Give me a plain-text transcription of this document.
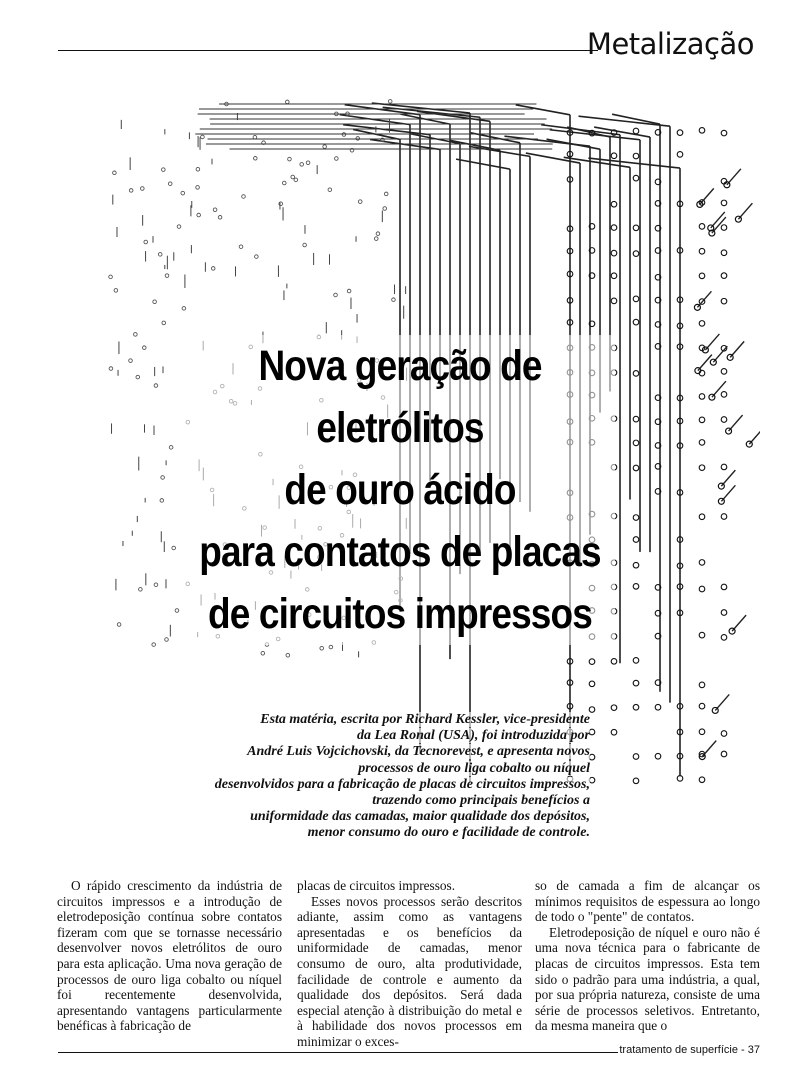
Metalização
Nova geração de eletrólitos
de ouro ácido
para contatos de placas
de circuitos impressos
Esta matéria, escrita por Richard Kessler, vice-presidente
da Lea Ronal (USA), foi introduzida por
André Luis Vojcichovski, da Tecnorevest, e apresenta novos
processos de ouro liga cobalto ou níquel
desenvolvidos para a fabricação de placas de circuitos impressos,
trazendo como principais benefícios a
uniformidade das camadas, maior qualidade dos depósitos,
menor consumo do ouro e facilidade de controle.

O rápido crescimento da indústria de circuitos impressos e a introdução de eletrodeposição contínua sobre contatos fizeram com que se tornasse necessário desenvolver novos eletrólitos de ouro para esta aplicação. Uma nova geração de processos de ouro liga cobalto ou níquel foi recentemente desenvolvida, apresentando vantagens particularmente benéficas à fabricação de

placas de circuitos impressos.

Esses novos processos serão descritos adiante, assim como as vantagens apresentadas e os benefícios da uniformidade de camadas, menor consumo de ouro, alta produtividade, facilidade de controle e aumento da qualidade dos depósitos. Será dada especial atenção à distribuição do metal e à habilidade dos novos processos em minimizar o exces-

so de camada a fim de alcançar os mínimos requisitos de espessura ao longo de todo o "pente" de contatos.

Eletrodeposição de níquel e ouro não é uma nova técnica para o fabricante de placas de circuitos impressos. Esta tem sido o padrão para uma indústria, a qual, por sua própria natureza, consiste de uma série de processos seletivos. Entretanto, da mesma maneira que o

tratamento de superfície - 37
